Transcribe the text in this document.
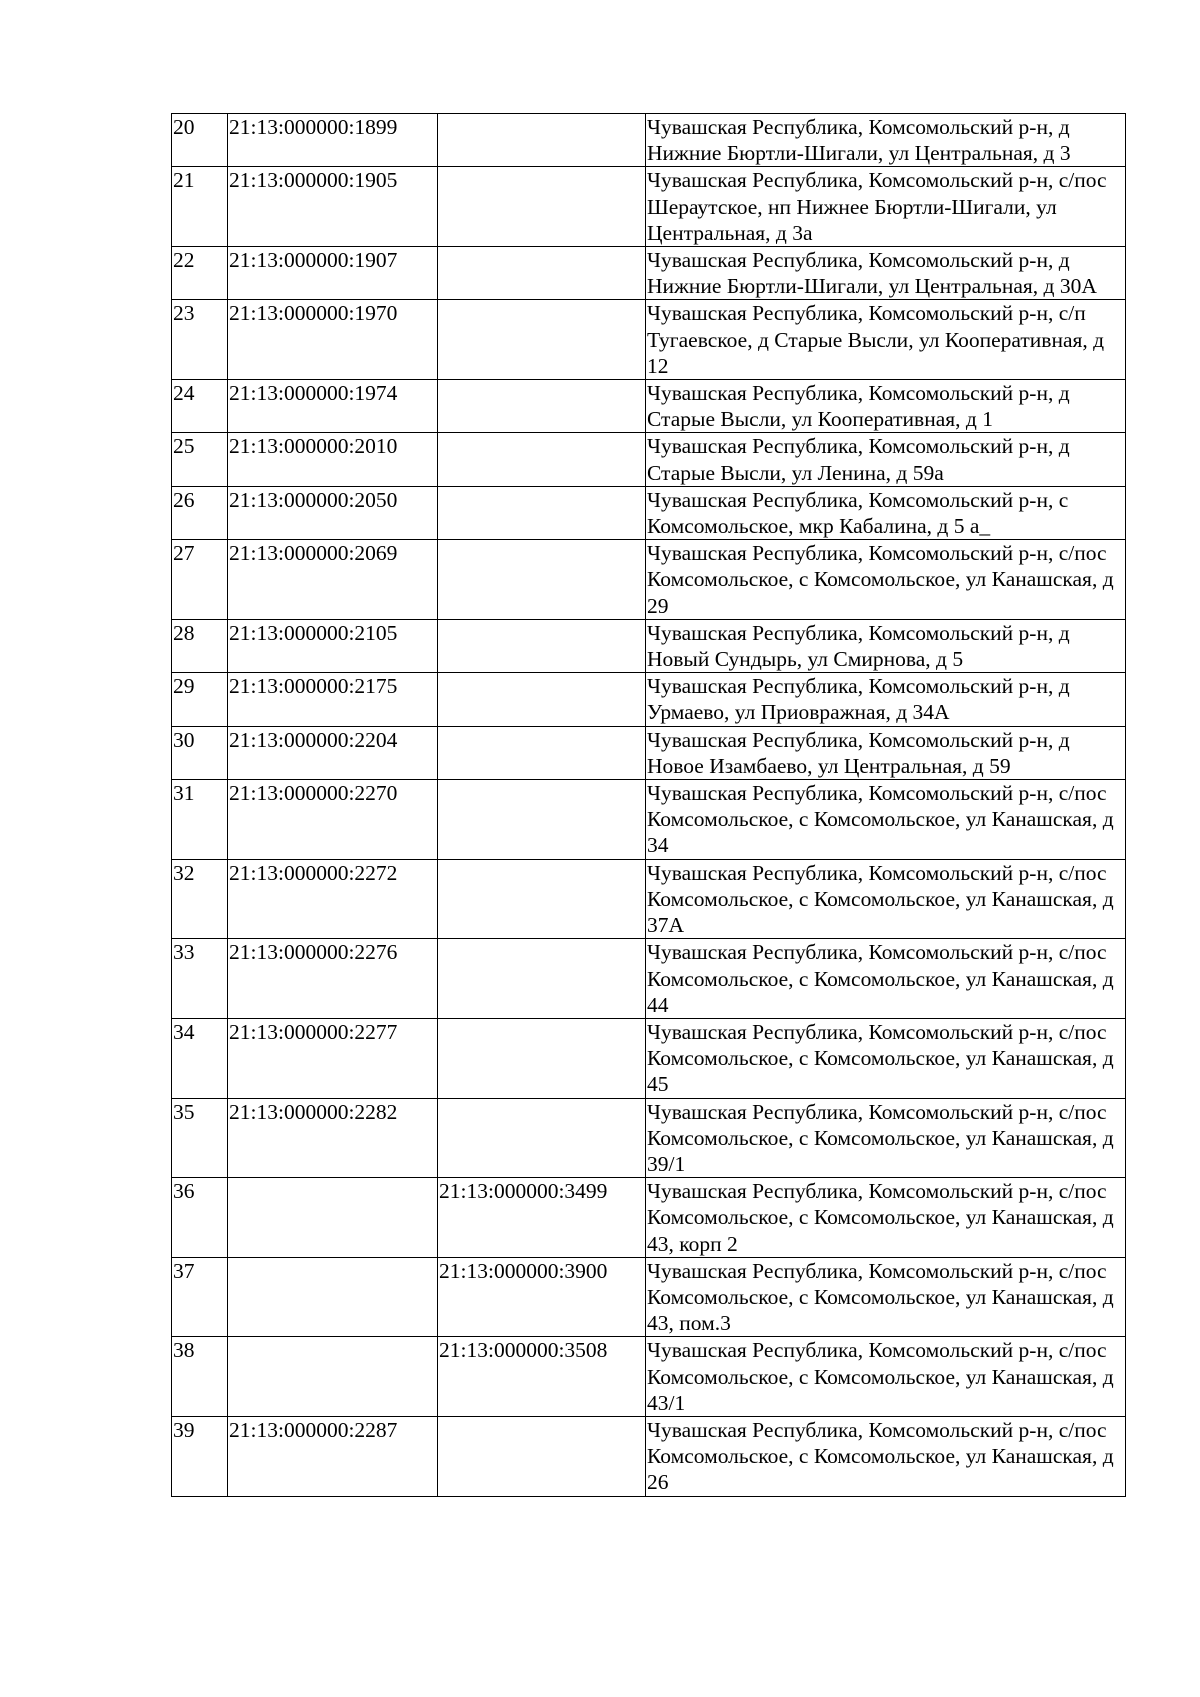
20	21:13:000000:1899		Чувашская Республика, Комсомольский р-н, д Нижние Бюртли-Шигали, ул Центральная, д 3
21	21:13:000000:1905		Чувашская Республика, Комсомольский р-н, с/пос Шераутское, нп Нижнее Бюртли-Шигали, ул Центральная, д 3а
22	21:13:000000:1907		Чувашская Республика, Комсомольский р-н, д Нижние Бюртли-Шигали, ул Центральная, д 30А
23	21:13:000000:1970		Чувашская Республика, Комсомольский р-н, с/п Тугаевское, д Старые Высли, ул Кооперативная, д 12
24	21:13:000000:1974		Чувашская Республика, Комсомольский р-н, д Старые Высли, ул Кооперативная, д 1
25	21:13:000000:2010		Чувашская Республика, Комсомольский р-н, д Старые Высли, ул Ленина, д 59а
26	21:13:000000:2050		Чувашская Республика, Комсомольский р-н, с Комсомольское, мкр Кабалина, д 5 а_
27	21:13:000000:2069		Чувашская Республика, Комсомольский р-н, с/пос Комсомольское, с Комсомольское, ул Канашская, д 29
28	21:13:000000:2105		Чувашская Республика, Комсомольский р-н, д Новый Сундырь, ул Смирнова, д 5
29	21:13:000000:2175		Чувашская Республика, Комсомольский р-н, д Урмаево, ул Приовражная, д 34А
30	21:13:000000:2204		Чувашская Республика, Комсомольский р-н, д Новое Изамбаево, ул Центральная, д 59
31	21:13:000000:2270		Чувашская Республика, Комсомольский р-н, с/пос Комсомольское, с Комсомольское, ул Канашская, д 34
32	21:13:000000:2272		Чувашская Республика, Комсомольский р-н, с/пос Комсомольское, с Комсомольское, ул Канашская, д 37А
33	21:13:000000:2276		Чувашская Республика, Комсомольский р-н, с/пос Комсомольское, с Комсомольское, ул Канашская, д 44
34	21:13:000000:2277		Чувашская Республика, Комсомольский р-н, с/пос Комсомольское, с Комсомольское, ул Канашская, д 45
35	21:13:000000:2282		Чувашская Республика, Комсомольский р-н, с/пос Комсомольское, с Комсомольское, ул Канашская, д 39/1
36		21:13:000000:3499	Чувашская Республика, Комсомольский р-н, с/пос Комсомольское, с Комсомольское, ул Канашская, д 43, корп 2
37		21:13:000000:3900	Чувашская Республика, Комсомольский р-н, с/пос Комсомольское, с Комсомольское, ул Канашская, д 43, пом.3
38		21:13:000000:3508	Чувашская Республика, Комсомольский р-н, с/пос Комсомольское, с Комсомольское, ул Канашская, д 43/1
39	21:13:000000:2287		Чувашская Республика, Комсомольский р-н, с/пос Комсомольское, с Комсомольское, ул Канашская, д 26
